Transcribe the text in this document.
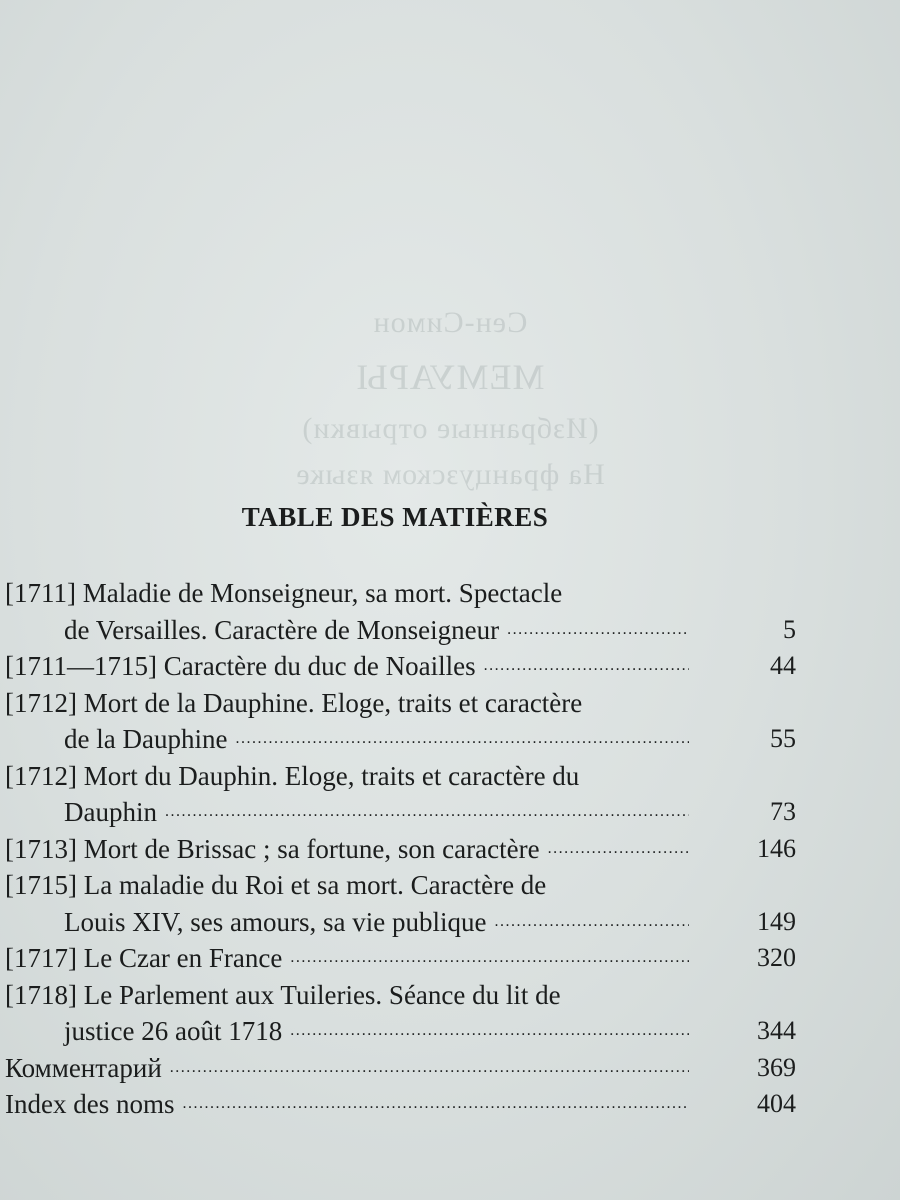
Сен-Симон
МЕМУАРЫ
(Избранные отрывки)
На французском языке
TABLE DES MATIÈRES
[1711] Maladie de Monseigneur, sa mort. Spectacle
de Versailles. Caractère de Monseigneur .....	5
[1711—1715] Caractère du duc de Noailles .....	44
[1712] Mort de la Dauphine. Eloge, traits et caractère
de la Dauphine .....	55
[1712] Mort du Dauphin. Eloge, traits et caractère du
Dauphin .....	73
[1713] Mort de Brissac ; sa fortune, son caractère .....	146
[1715] La maladie du Roi et sa mort. Caractère de
Louis XIV, ses amours, sa vie publique .....	149
[1717] Le Czar en France .....	320
[1718] Le Parlement aux Tuileries. Séance du lit de
justice 26 août 1718 .....	344
Комментарий .....	369
Index des noms .....	404
